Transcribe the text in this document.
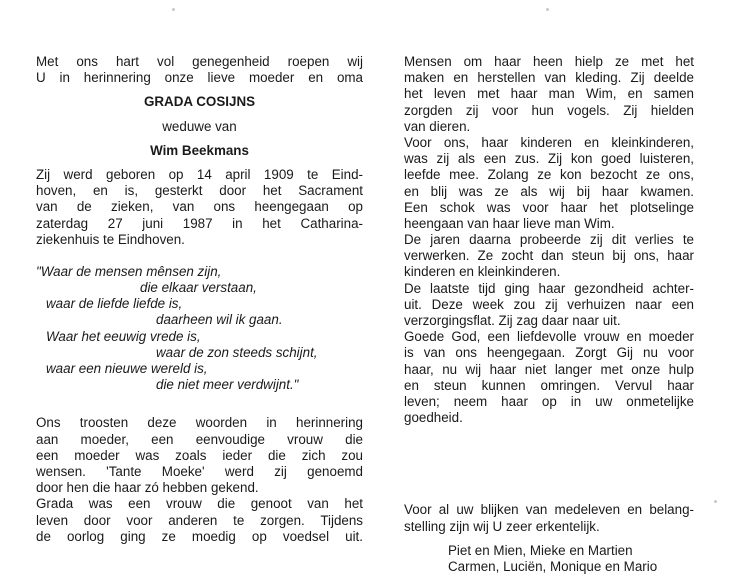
Met ons hart vol genegenheid roepen wij
U in herinnering onze lieve moeder en oma
GRADA COSIJNS
weduwe van
Wim Beekmans
Zij werd geboren op 14 april 1909 te Eind-
hoven, en is, gesterkt door het Sacrament
van de zieken, van ons heengegaan op
zaterdag 27 juni 1987 in het Catharina-
ziekenhuis te Eindhoven.
"Waar de mensen mênsen zijn,
die elkaar verstaan,
waar de liefde liefde is,
daarheen wil ik gaan.
Waar het eeuwig vrede is,
waar de zon steeds schijnt,
waar een nieuwe wereld is,
die niet meer verdwijnt."
Ons troosten deze woorden in herinnering
aan moeder, een eenvoudige vrouw die
een moeder was zoals ieder die zich zou
wensen. 'Tante Moeke' werd zij genoemd
door hen die haar zó hebben gekend.
Grada was een vrouw die genoot van het
leven door voor anderen te zorgen. Tijdens
de oorlog ging ze moedig op voedsel uit.
Mensen om haar heen hielp ze met het
maken en herstellen van kleding. Zij deelde
het leven met haar man Wim, en samen
zorgden zij voor hun vogels. Zij hielden
van dieren.
Voor ons, haar kinderen en kleinkinderen,
was zij als een zus. Zij kon goed luisteren,
leefde mee. Zolang ze kon bezocht ze ons,
en blij was ze als wij bij haar kwamen.
Een schok was voor haar het plotselinge
heengaan van haar lieve man Wim.
De jaren daarna probeerde zij dit verlies te
verwerken. Ze zocht dan steun bij ons, haar
kinderen en kleinkinderen.
De laatste tijd ging haar gezondheid achter-
uit. Deze week zou zij verhuizen naar een
verzorgingsflat. Zij zag daar naar uit.
Goede God, een liefdevolle vrouw en moeder
is van ons heengegaan. Zorgt Gij nu voor
haar, nu wij haar niet langer met onze hulp
en steun kunnen omringen. Vervul haar
leven; neem haar op in uw onmetelijke
goedheid.
Voor al uw blijken van medeleven en belang-
stelling zijn wij U zeer erkentelijk.
Piet en Mien, Mieke en Martien
Carmen, Luciën, Monique en Mario
